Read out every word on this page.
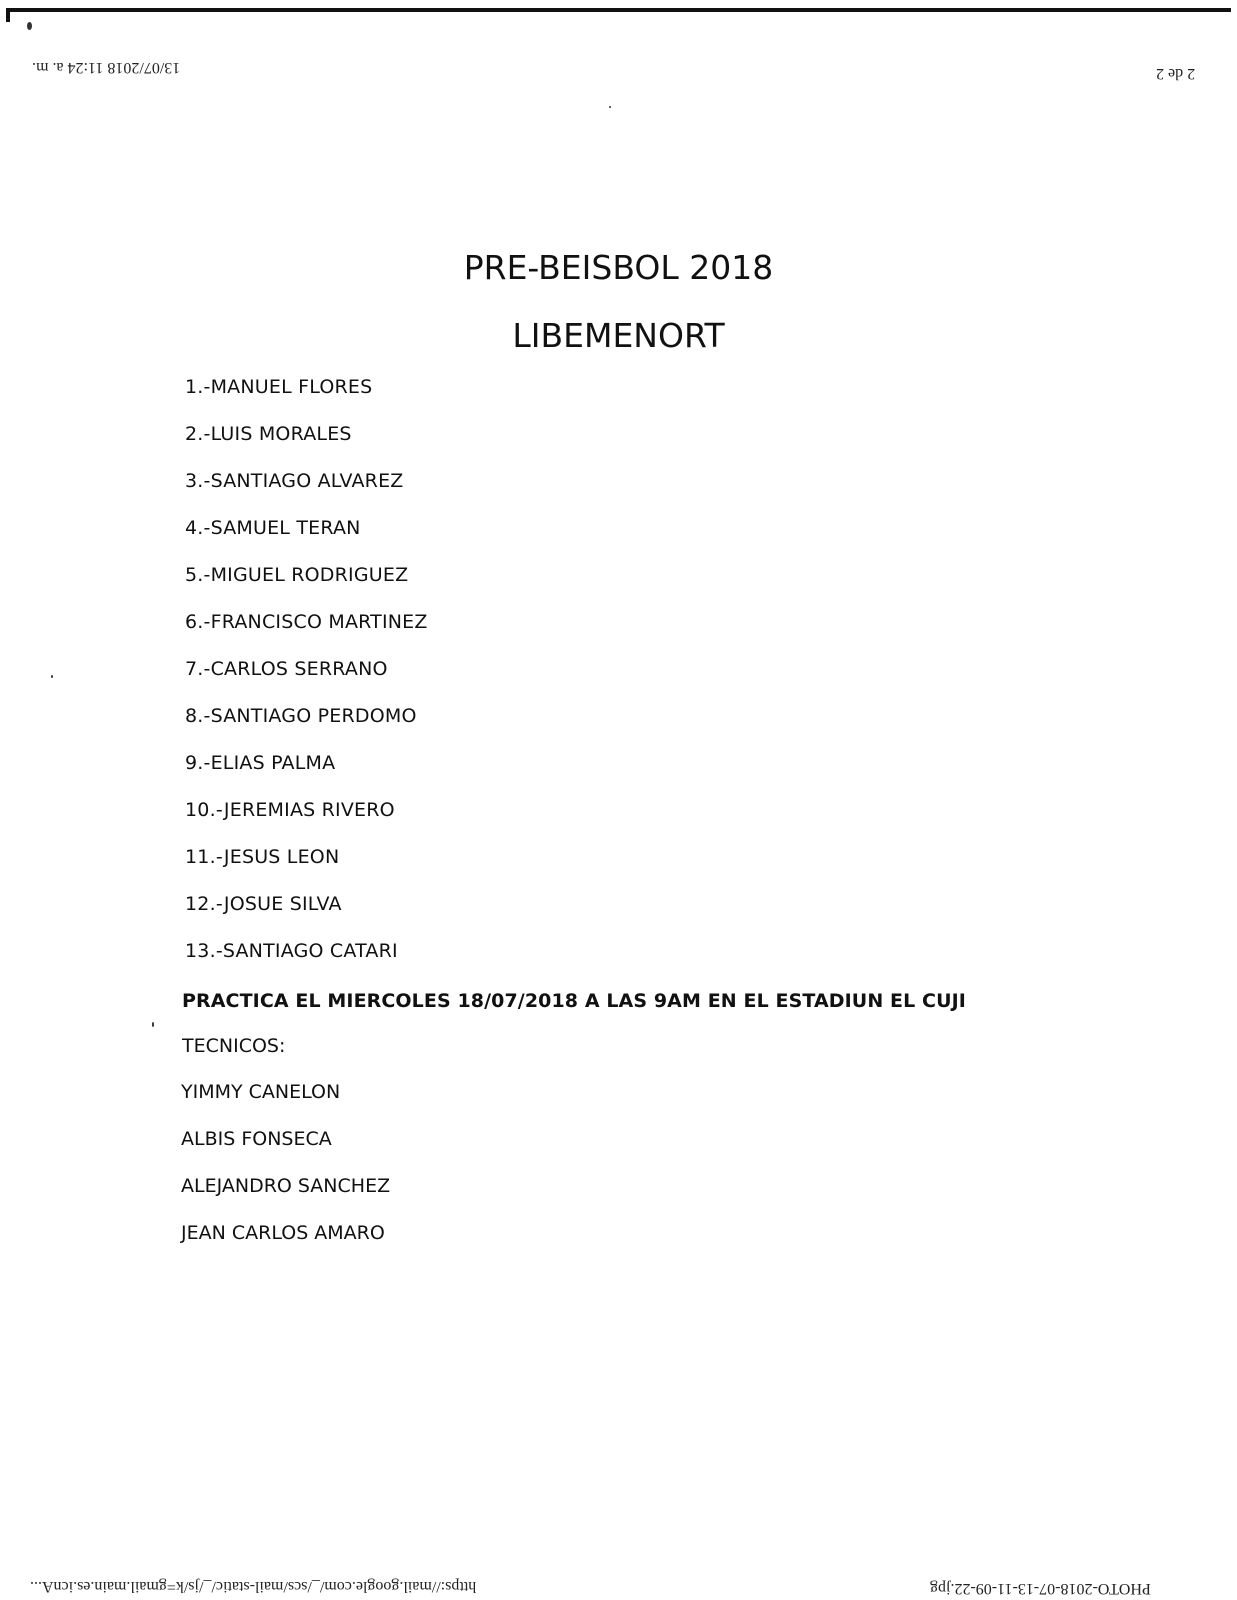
13/07/2018 11:24 a. m.	2 de 2
https://mail.google.com/_/scs/mail-static/_/js/k=gmail.main.es.icnA...	PHOTO-2018-07-13-11-09-22.jpg
PRE-BEISBOL 2018
LIBEMENORT
1.-MANUEL FLORES
2.-LUIS MORALES
3.-SANTIAGO ALVAREZ
4.-SAMUEL TERAN
5.-MIGUEL RODRIGUEZ
6.-FRANCISCO MARTINEZ
7.-CARLOS SERRANO
8.-SANTIAGO PERDOMO
9.-ELIAS PALMA
10.-JEREMIAS RIVERO
11.-JESUS LEON
12.-JOSUE SILVA
13.-SANTIAGO CATARI
PRACTICA EL MIERCOLES 18/07/2018 A LAS 9AM EN EL ESTADIUN EL CUJI
TECNICOS:
YIMMY CANELON
ALBIS FONSECA
ALEJANDRO SANCHEZ
JEAN CARLOS AMARO
